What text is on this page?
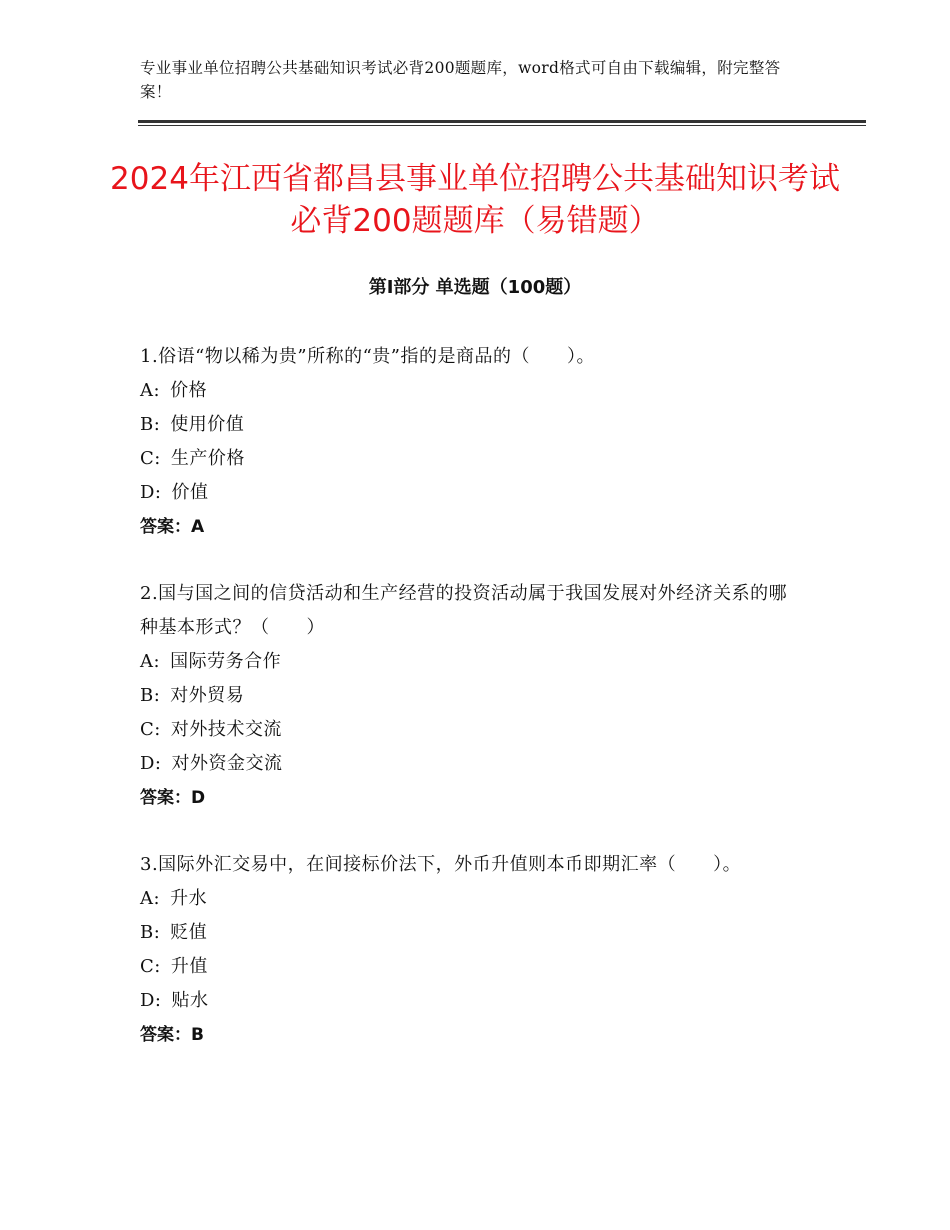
专业事业单位招聘公共基础知识考试必背200题题库，word格式可自由下载编辑，附完整答案！
2024年江西省都昌县事业单位招聘公共基础知识考试必背200题题库（易错题）
第I部分 单选题（100题）
1.俗语“物以稀为贵”所称的“贵”指的是商品的（　　）。
A: 价格
B: 使用价值
C: 生产价格
D: 价值
答案：A
2.国与国之间的信贷活动和生产经营的投资活动属于我国发展对外经济关系的哪种基本形式？（　　）
A: 国际劳务合作
B: 对外贸易
C: 对外技术交流
D: 对外资金交流
答案：D
3.国际外汇交易中，在间接标价法下，外币升值则本币即期汇率（　　）。
A: 升水
B: 贬值
C: 升值
D: 贴水
答案：B
